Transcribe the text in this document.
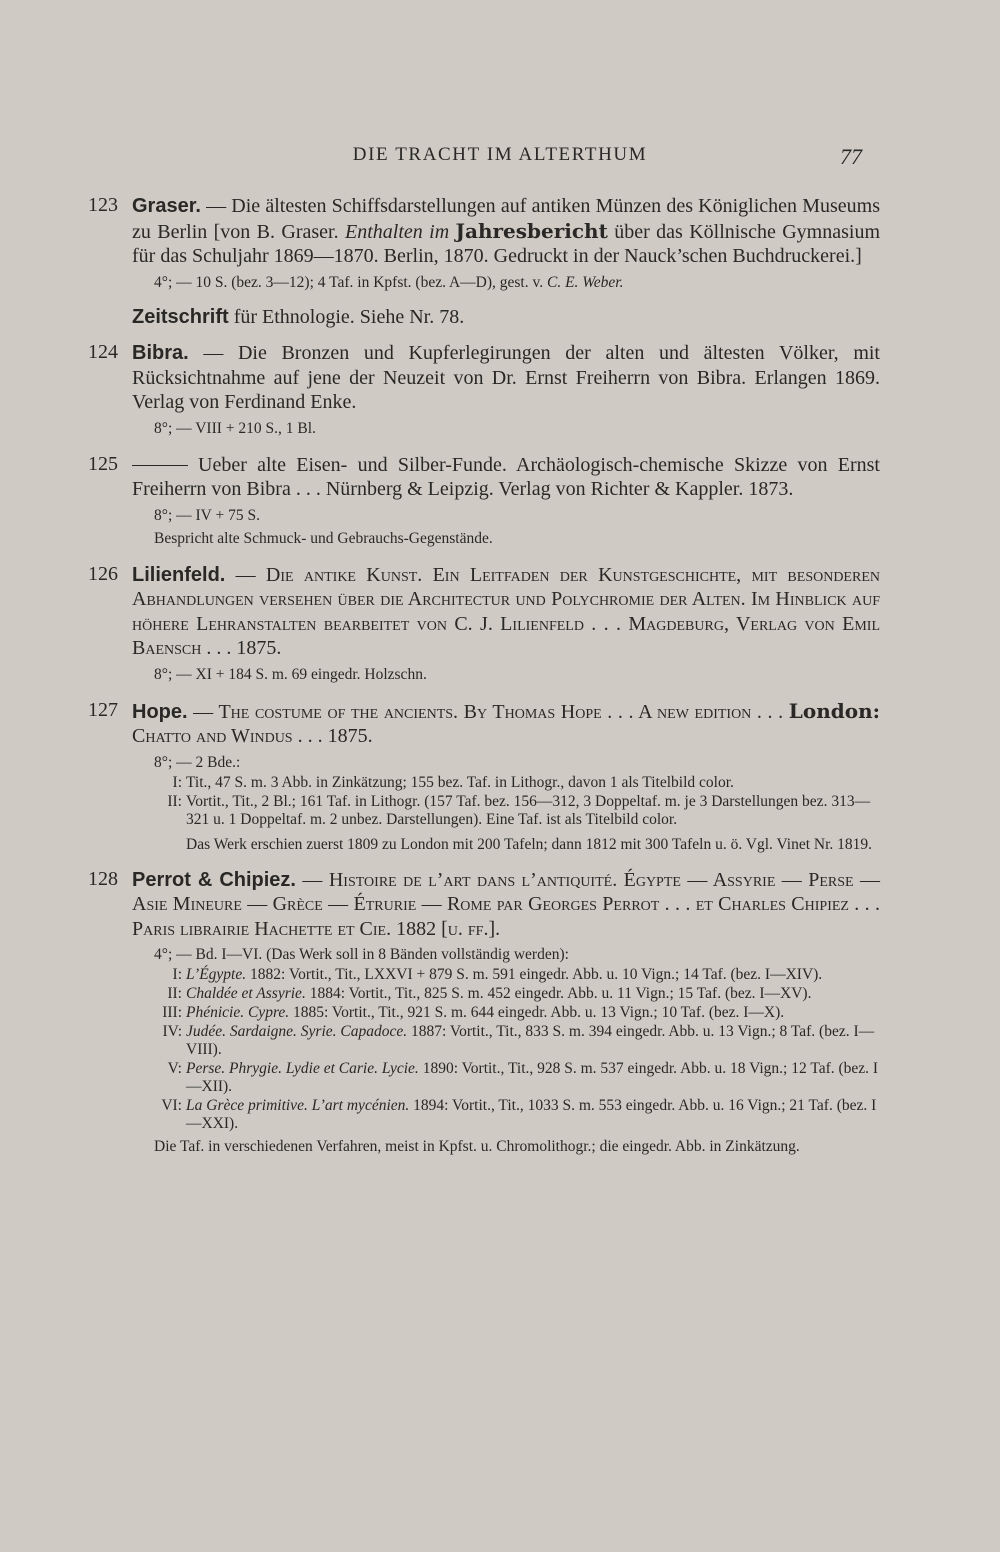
DIE TRACHT IM ALTERTHUM	77
123 Graser. — Die ältesten Schiffsdarstellungen auf antiken Münzen des Königlichen Museums zu Berlin [von B. Graser. Enthalten im Jahresbericht über das Köllnische Gymnasium für das Schuljahr 1869—1870. Berlin, 1870. Gedruckt in der Nauck’schen Buchdruckerei.]
4°; — 10 S. (bez. 3—12); 4 Taf. in Kpfst. (bez. A—D), gest. v. C. E. Weber.
Zeitschrift für Ethnologie. Siehe Nr. 78.
124 Bibra. — Die Bronzen und Kupferlegirungen der alten und ältesten Völker, mit Rücksichtnahme auf jene der Neuzeit von Dr. Ernst Freiherrn von Bibra. Erlangen 1869. Verlag von Ferdinand Enke.
8°; — VIII + 210 S., 1 Bl.
125	Ueber alte Eisen- und Silber-Funde. Archäologisch-chemische Skizze von Ernst Freiherrn von Bibra . . . Nürnberg & Leipzig. Verlag von Richter & Kappler. 1873.
8°; — IV + 75 S.
Bespricht alte Schmuck- und Gebrauchs-Gegenstände.
126 Lilienfeld. — Die antike Kunst. Ein Leitfaden der Kunstgeschichte, mit besonderen Abhandlungen versehen über die Architectur und Polychromie der Alten. Im Hinblick auf höhere Lehranstalten bearbeitet von C. J. Lilienfeld . . . Magdeburg, Verlag von Emil Baensch . . . 1875.
8°; — XI + 184 S. m. 69 eingedr. Holzschn.
127 Hope. — The costume of the ancients. By Thomas Hope . . . A new edition . . . London: Chatto and Windus . . . 1875.
8°; — 2 Bde.:
I: Tit., 47 S. m. 3 Abb. in Zinkätzung; 155 bez. Taf. in Lithogr., davon 1 als Titelbild color.
II: Vortit., Tit., 2 Bl.; 161 Taf. in Lithogr. (157 Taf. bez. 156—312, 3 Doppeltaf. m. je 3 Darstellungen bez. 313—321 u. 1 Doppeltaf. m. 2 unbez. Darstellungen). Eine Taf. ist als Titelbild color.
Das Werk erschien zuerst 1809 zu London mit 200 Tafeln; dann 1812 mit 300 Tafeln u. ö. Vgl. Vinet Nr. 1819.
128 Perrot & Chipiez. — Histoire de l’art dans l’antiquité. Égypte — Assyrie — Perse — Asie Mineure — Grèce — Étrurie — Rome par Georges Perrot . . . et Charles Chipiez . . . Paris librairie Hachette et Cie. 1882 [u. ff.].
4°; — Bd. I—VI. (Das Werk soll in 8 Bänden vollständig werden):
I: L’Égypte. 1882: Vortit., Tit., LXXVI + 879 S. m. 591 eingedr. Abb. u. 10 Vign.; 14 Taf. (bez. I—XIV).
II: Chaldée et Assyrie. 1884: Vortit., Tit., 825 S. m. 452 eingedr. Abb. u. 11 Vign.; 15 Taf. (bez. I—XV).
III: Phénicie. Cypre. 1885: Vortit., Tit., 921 S. m. 644 eingedr. Abb. u. 13 Vign.; 10 Taf. (bez. I—X).
IV: Judée. Sardaigne. Syrie. Capadoce. 1887: Vortit., Tit., 833 S. m. 394 eingedr. Abb. u. 13 Vign.; 8 Taf. (bez. I—VIII).
V: Perse. Phrygie. Lydie et Carie. Lycie. 1890: Vortit., Tit., 928 S. m. 537 eingedr. Abb. u. 18 Vign.; 12 Taf. (bez. I—XII).
VI: La Grèce primitive. L’art mycénien. 1894: Vortit., Tit., 1033 S. m. 553 eingedr. Abb. u. 16 Vign.; 21 Taf. (bez. I—XXI).
Die Taf. in verschiedenen Verfahren, meist in Kpfst. u. Chromolithogr.; die eingedr. Abb. in Zinkätzung.
